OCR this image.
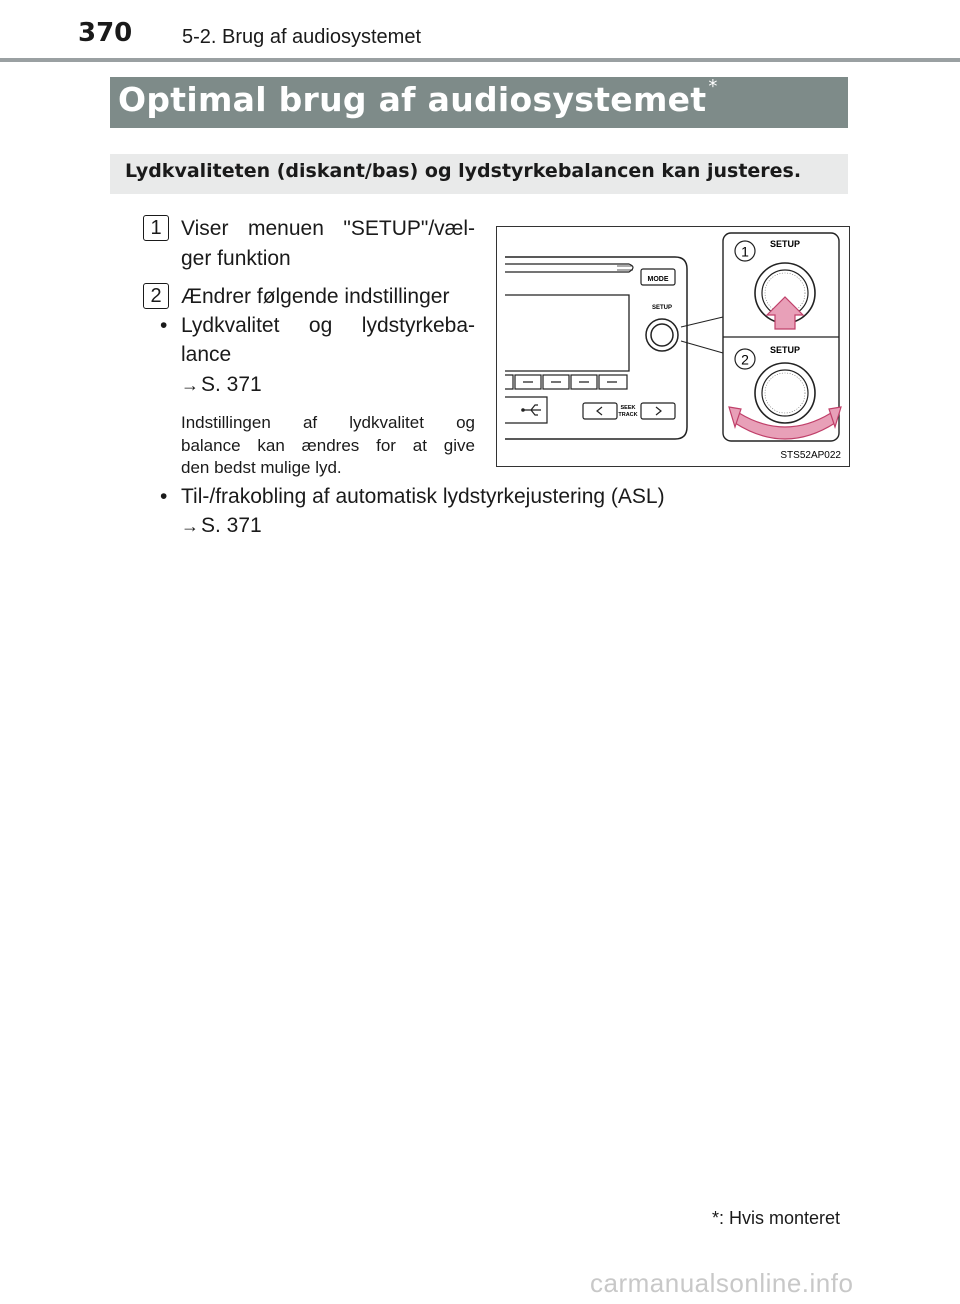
370 5-2. Brug af audiosystemet
Optimal brug af audiosystemet *
Lydkvaliteten (diskant/bas) og lydstyrkebalancen kan justeres.
1 Viser menuen "SETUP"/væl-
ger funktion
2 Ændrer følgende indstillinger
• Lydkvalitet og lydstyrkeba-
lance
→S. 371
Indstillingen af lydkvalitet og
balance kan ændres for at give
den bedst mulige lyd.
• Til-/frakobling af automatisk lydstyrkejustering (ASL)
→S. 371
MODE
SETUP
SEEK
TRACK
1 SETUP
2
SETUP
STS52AP022
*: Hvis monteret
carmanualsonline.info
